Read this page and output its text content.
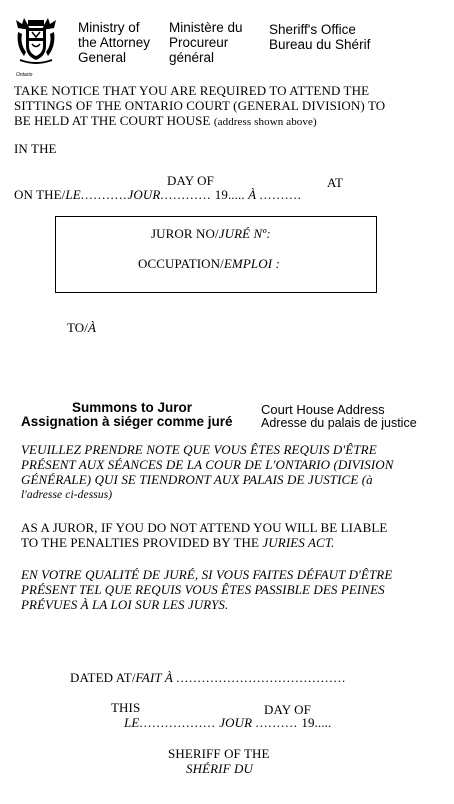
Ontario
Ministry of
the Attorney
General
Ministère du
Procureur
général
Sheriff's Office
Bureau du Shérif
TAKE NOTICE THAT YOU ARE REQUIRED TO ATTEND THE
SITTINGS OF THE ONTARIO COURT (GENERAL DIVISION) TO
BE HELD AT THE COURT HOUSE (address shown above)
IN THE
DAY OF	AT
ON THE/LE...........JOUR............ 19..... À ..........
JUROR NO/JURÉ Nº:
OCCUPATION/EMPLOI :
TO/À
Summons to Juror
Assignation à siéger comme juré
Court House Address
Adresse du palais de justice
VEUILLEZ PRENDRE NOTE QUE VOUS ÊTES REQUIS D'ÊTRE
PRÉSENT AUX SÉANCES DE LA COUR DE L'ONTARIO (DIVISION
GÉNÉRALE) QUI SE TIENDRONT AUX PALAIS DE JUSTICE (à
l'adresse ci-dessus)
AS A JUROR, IF YOU DO NOT ATTEND YOU WILL BE LIABLE
TO THE PENALTIES PROVIDED BY THE JURIES ACT.
EN VOTRE QUALITÉ DE JURÉ, SI VOUS FAITES DÉFAUT D'ÊTRE
PRÉSENT TEL QUE REQUIS VOUS ÊTES PASSIBLE DES PEINES
PRÉVUES À LA LOI SUR LES JURYS.
DATED AT/FAIT À ........................................
THIS	DAY OF
LE.................. JOUR .......... 19.....
SHERIFF OF THE
SHÉRIF DU
